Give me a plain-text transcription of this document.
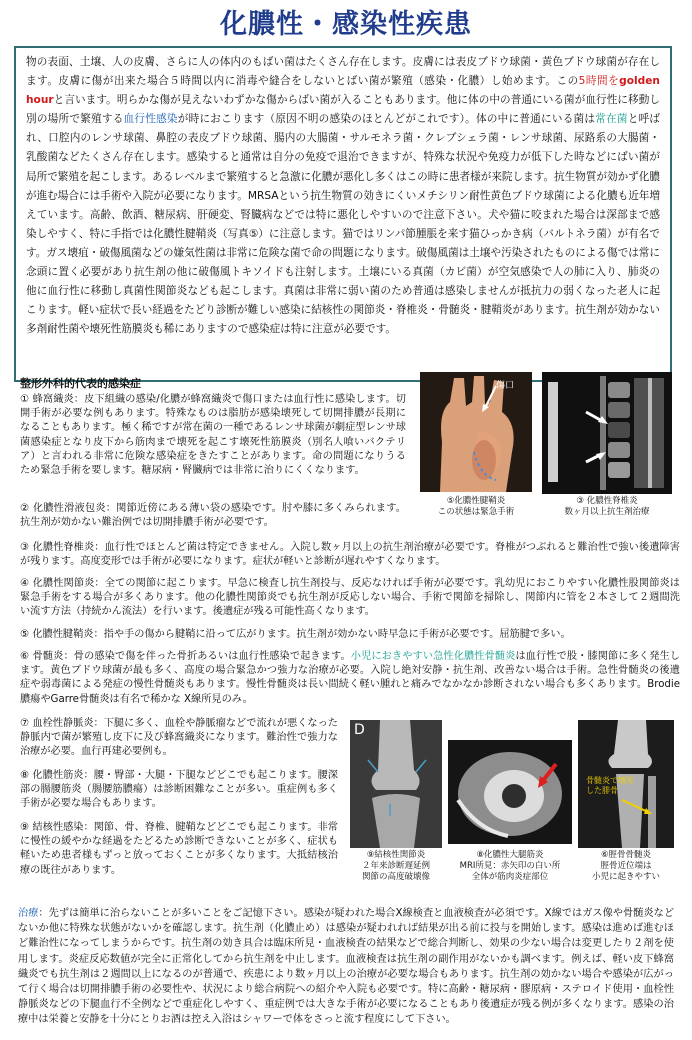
化膿性・感染性疾患

物の表面、土壌、人の皮膚、さらに人の体内のもばい菌はたくさん存在します。皮膚には表皮ブドウ球菌・黄色ブドウ球菌が存在します。皮膚に傷が出来た場合５時間以内に消毒や縫合をしないとばい菌が繁殖（感染・化膿）し始めます。この5時間をgolden hourと言います。明らかな傷が見えないわずかな傷からばい菌が入ることもあります。他に体の中の普通にいる菌が血行性に移動し別の場所で繁殖する血行性感染が時におこります（原因不明の感染のほとんどがこれです）。体の中に普通にいる菌は常在菌と呼ばれ、口腔内のレンサ球菌、鼻腔の表皮ブドウ球菌、腸内の大腸菌・サルモネラ菌・クレブシェラ菌・レンサ球菌、尿路系の大腸菌・乳酸菌などたくさん存在します。感染すると通常は自分の免疫で退治できますが、特殊な状況や免疫力が低下した時などにばい菌が局所で繁殖を起こします。あるレベルまで繁殖すると急激に化膿が悪化し多くはこの時に患者様が来院します。抗生物質が効かず化膿が進む場合には手術や入院が必要になります。MRSAという抗生物質の効きにくいメチシリン耐性黄色ブドウ球菌による化膿も近年増えています。高齢、飲酒、糖尿病、肝硬変、腎臓病などでは特に悪化しやすいので注意下さい。犬や猫に咬まれた場合は深部まで感染しやすく、特に手指では化膿性腱鞘炎（写真⑤）に注意します。猫ではリンパ節腫脹を来す猫ひっかき病（バルトネラ菌）が有名です。ガス壊疽・破傷風菌などの嫌気性菌は非常に危険な菌で命の問題になります。破傷風菌は土壌や汚染されたものによる傷では常に念頭に置く必要があり抗生剤の他に破傷風トキソイドも注射します。土壌にいる真菌（カビ菌）が空気感染で人の肺に入り、肺炎の他に血行性に移動し真菌性関節炎なども起こします。真菌は非常に弱い菌のため普通は感染しませんが抵抗力の弱くなった老人に起こります。軽い症状で長い経過をたどり診断が難しい感染に結核性の関節炎・脊椎炎・骨髄炎・腱鞘炎があります。抗生剤が効かない多剤耐性菌や壊死性筋膜炎も稀にありますので感染症は特に注意が必要です。

整形外科的代表的感染症

① 蜂窩織炎：皮下組織の感染/化膿が蜂窩織炎で傷口または血行性に感染します。切開手術が必要な例もあります。特殊なものは脂肪が感染壊死して切開排膿が長期になることもあります。極く稀ですが常在菌の一種であるレンサ球菌が劇症型レンサ球菌感染症となり皮下から筋肉まで壊死を起こす壊死性筋膜炎（別名人喰いバクテリア）と言われる非常に危険な感染症をきたすことがあります。命の問題になりうるため緊急手術を要します。糖尿病・腎臓病では非常に治りにくくなります。

② 化膿性滑液包炎：関節近傍にある薄い袋の感染です。肘や膝に多くみられます。抗生剤が効かない難治例では切開排膿手術が必要です。

③ 化膿性脊椎炎：血行性でほとんど菌は特定できません。入院し数ヶ月以上の抗生剤治療が必要です。脊椎がつぶれると難治性で強い後遺障害が残ります。高度変形では手術が必要になります。症状が軽いと診断が遅れやすくなります。

④ 化膿性関節炎：全ての関節に起こります。早急に検査し抗生剤投与、反応なければ手術が必要です。乳幼児におこりやすい化膿性股関節炎は緊急手術をする場合が多くあります。他の化膿性関節炎でも抗生剤が反応しない場合、手術で関節を掃除し、関節内に管を２本さして２週間洗い流す方法（持続かん流法）を行います。後遺症が残る可能性高くなります。

⑤ 化膿性腱鞘炎：指や手の傷から腱鞘に沿って広がります。抗生剤が効かない時早急に手術が必要です。屈筋腱で多い。

⑥ 骨髄炎：骨の感染で傷を伴った骨折あるいは血行性感染で起きます。小児におきやすい急性化膿性骨髄炎は血行性で股・膝関節に多く発生します。黄色ブドウ球菌が最も多く、高度の場合緊急かつ強力な治療が必要。入院し絶対安静・抗生剤、改善ない場合は手術。急性骨髄炎の後遺症や弱毒菌による発症の慢性骨髄炎もあります。慢性骨髄炎は長い間続く軽い腫れと痛みでなかなか診断されない場合も多くあります。Brodie膿瘍やGarre骨髄炎は有名で稀かな X線所見のみ。

⑦ 血栓性静脈炎：下腿に多く、血栓や静脈瘤などで流れが悪くなった静脈内で菌が繁殖し皮下に及び蜂窩織炎になります。難治性で強力な治療が必要。血行再建必要例も。

⑧ 化膿性筋炎：腰・臀部・大腿・下腿などどこでも起こります。腰深部の腸腰筋炎（腸腰筋膿瘍）は診断困難なことが多い。重症例も多く手術が必要な場合もあります。

⑨ 結核性感染：関節、骨、脊椎、腱鞘などどこでも起こります。非常に慢性の緩やかな経過をたどるため診断できないことが多く、症状も軽いため患者様もずっと放っておくことが多くなります。大抵結核治療の既往があります。

傷口
⑤化膿性腱鞘炎
この状態は緊急手術
③ 化膿性脊椎炎
数ヶ月以上抗生剤治療
D
⑨結核性関節炎
２年来診断遅延例
関節の高度破壊像
⑧化膿性大腿筋炎
MRI所見：赤矢印の白い所
全体が筋肉炎症部位
骨髄炎で壊死
した腓骨
⑥脛骨骨髄炎
脛骨近位端は
小児に起きやすい

治療：先ずは簡単に治らないことが多いことをご記憶下さい。感染が疑われた場合X線検査と血液検査が必須です。X線ではガス像や骨髄炎などないか他に特殊な状態がないかを確認します。抗生剤（化膿止め）は感染が疑われれば結果が出る前に投与を開始します。感染は進めば進むほど難治性になってしまうからです。抗生剤の効き具合は臨床所見・血液検査の結果などで総合判断し、効果の少ない場合は変更したり２剤を使用します。炎症反応数値が完全に正常化してから抗生剤を中止します。血液検査は抗生剤の副作用がないかも調べます。例えば、軽い皮下蜂窩織炎でも抗生剤は２週間以上になるのが普通で、疾患により数ヶ月以上の治療が必要な場合もあります。抗生剤の効かない場合や感染が広がって行く場合は切開排膿手術の必要性や、状況により総合病院への紹介や入院も必要です。特に高齢・糖尿病・膠原病・ステロイド使用・血栓性静脈炎などの下腿血行不全例などで重症化しやすく、重症例では大きな手術が必要になることもあり後遺症が残る例が多くなります。感染の治療中は栄養と安静を十分にとりお酒は控え入浴はシャワーで体をさっと流す程度にして下さい。
